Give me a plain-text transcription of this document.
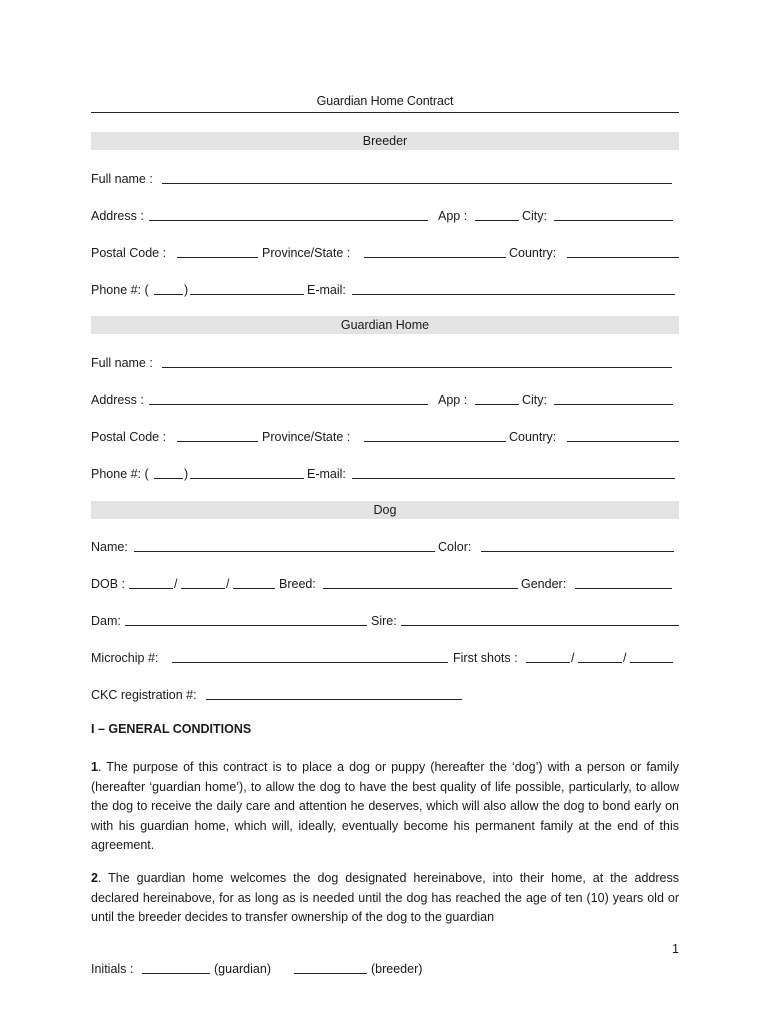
Guardian Home Contract
Breeder
Full name :
Address :	App :	City:
Postal Code :	Province/State :	Country:
Phone #: (	)	E-mail:
Guardian Home
Full name :
Address :	App :	City:
Postal Code :	Province/State :	Country:
Phone #: (	)	E-mail:
Dog
Name:	Color:
DOB :	/	/	Breed:	Gender:
Dam:	Sire:
Microchip #:	First shots :	/	/
CKC registration #:
I – GENERAL CONDITIONS
1. The purpose of this contract is to place a dog or puppy (hereafter the ‘dog’) with a person or family (hereafter ‘guardian home’), to allow the dog to have the best quality of life possible, particularly, to allow the dog to receive the daily care and attention he deserves, which will also allow the dog to bond early on with his guardian home, which will, ideally, eventually become his permanent family at the end of this agreement.
2. The guardian home welcomes the dog designated hereinabove, into their home, at the address declared hereinabove, for as long as is needed until the dog has reached the age of ten (10) years old or until the breeder decides to transfer ownership of the dog to the guardian
1
Initials :	(guardian)	(breeder)
